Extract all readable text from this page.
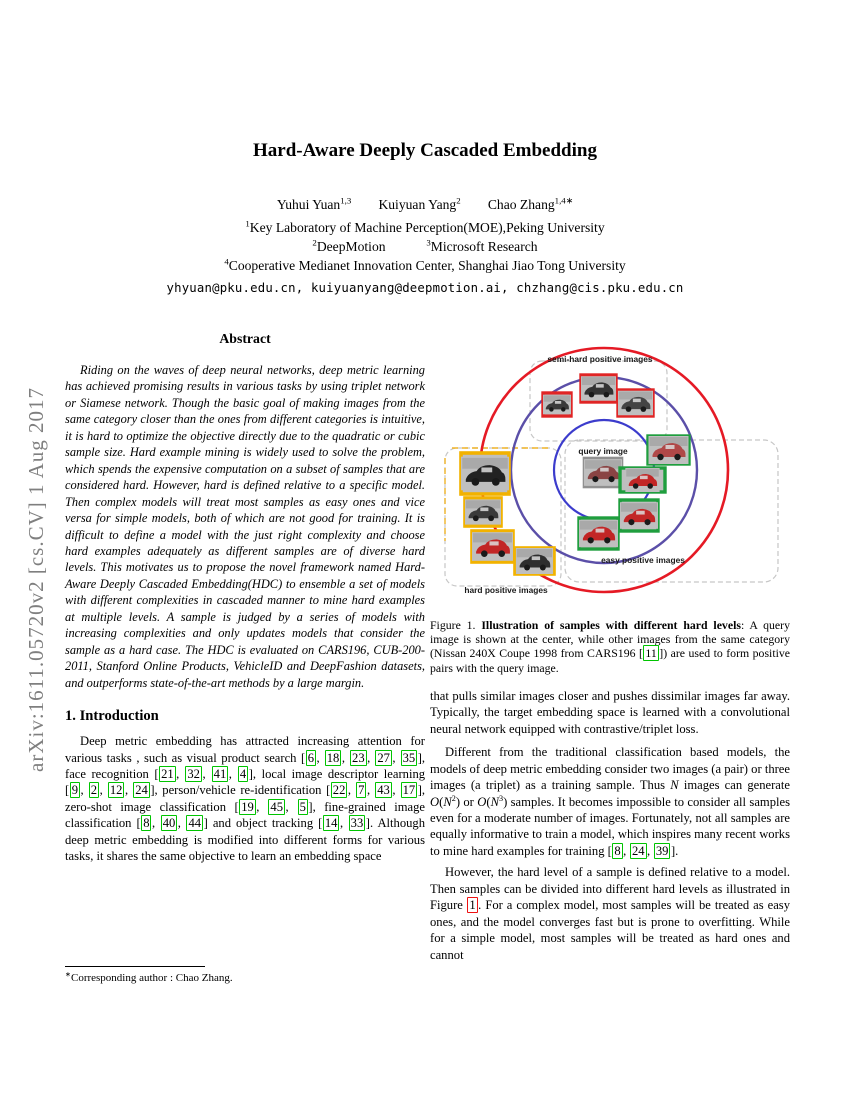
arXiv:1611.05720v2 [cs.CV] 1 Aug 2017
Hard-Aware Deeply Cascaded Embedding
Yuhui Yuan$^{1,3}$  Kuiyuan Yang$^2$  Chao Zhang$^{1,4∗}$
$^1$Key Laboratory of Machine Perception(MOE),Peking University
$^2$DeepMotion   $^3$Microsoft Research
$^4$Cooperative Medianet Innovation Center, Shanghai Jiao Tong University
yhyuan@pku.edu.cn, kuiyuanyang@deepmotion.ai, chzhang@cis.pku.edu.cn
Abstract
Riding on the waves of deep neural networks, deep metric learning has achieved promising results in various tasks by using triplet network or Siamese network. Though the basic goal of making images from the same category closer than the ones from different categories is intuitive, it is hard to optimize the objective directly due to the quadratic or cubic sample size. Hard example mining is widely used to solve the problem, which spends the expensive computation on a subset of samples that are considered hard. However, hard is defined relative to a specific model. Then complex models will treat most samples as easy ones and vice versa for simple models, both of which are not good for training. It is difficult to define a model with the just right complexity and choose hard examples adequately as different samples are of diverse hard levels. This motivates us to propose the novel framework named Hard-Aware Deeply Cascaded Embedding(HDC) to ensemble a set of models with different complexities in cascaded manner to mine hard examples at multiple levels. A sample is judged by a series of models with increasing complexities and only updates models that consider the sample as a hard case. The HDC is evaluated on CARS196, CUB-200-2011, Stanford Online Products, VehicleID and DeepFashion datasets, and outperforms state-of-the-art methods by a large margin.
1. Introduction
Deep metric embedding has attracted increasing attention for various tasks , such as visual product search [ 6 , 18 , 23 , 27 , 35 ], face recognition [ 21 , 32 , 41 , 4 ], local image descriptor learning [ 9 , 2 , 12 , 24 ], person/vehicle re-identification [ 22 , 7 , 43 , 17 ], zero-shot image classification [ 19 , 45 , 5 ], fine-grained image classification [ 8 , 40 , 44 ] and object tracking [ 14 , 33 ]. Although deep metric embedding is modified into different forms for various tasks, it shares the same objective to learn an embedding space
∗Corresponding author : Chao Zhang.
semi-hard positive images
query image
easy positive images
hard positive images
Figure 1. Illustration of samples with different hard levels: A query image is shown at the center, while other images from the same category (Nissan 240X Coupe 1998 from CARS196 [ 11 ]) are used to form positive pairs with the query image.
that pulls similar images closer and pushes dissimilar images far away. Typically, the target embedding space is learned with a convolutional neural network equipped with contrastive/triplet loss.
Different from the traditional classification based models, the models of deep metric embedding consider two images (a pair) or three images (a triplet) as a training sample. Thus N images can generate $O(N^2)$ or $O(N^3)$ samples. It becomes impossible to consider all samples even for a moderate number of images. Fortunately, not all samples are equally informative to train a model, which inspires many recent works to mine hard examples for training [ 8 , 24 , 39 ].
However, the hard level of a sample is defined relative to a model. Then samples can be divided into different hard levels as illustrated in Figure 1 . For a complex model, most samples will be treated as easy ones, and the model converges fast but is prone to overfitting. While for a simple model, most samples will be treated as hard ones and cannot
